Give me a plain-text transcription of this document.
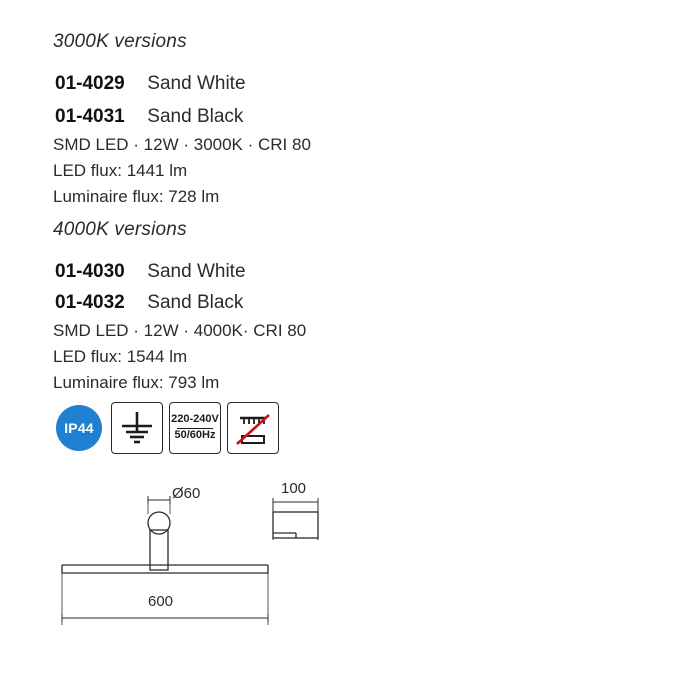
3000K versions
01-4029 Sand White
01-4031 Sand Black
SMD LED · 12W · 3000K · CRI 80
LED flux: 1441 lm
Luminaire flux: 728 lm
4000K versions
01-4030 Sand White
01-4032 Sand Black
SMD LED · 12W · 4000K· CRI 80
LED flux: 1544 lm
Luminaire flux: 793 lm
IP44
220-240V
50/60Hz
Ø60	100
600
